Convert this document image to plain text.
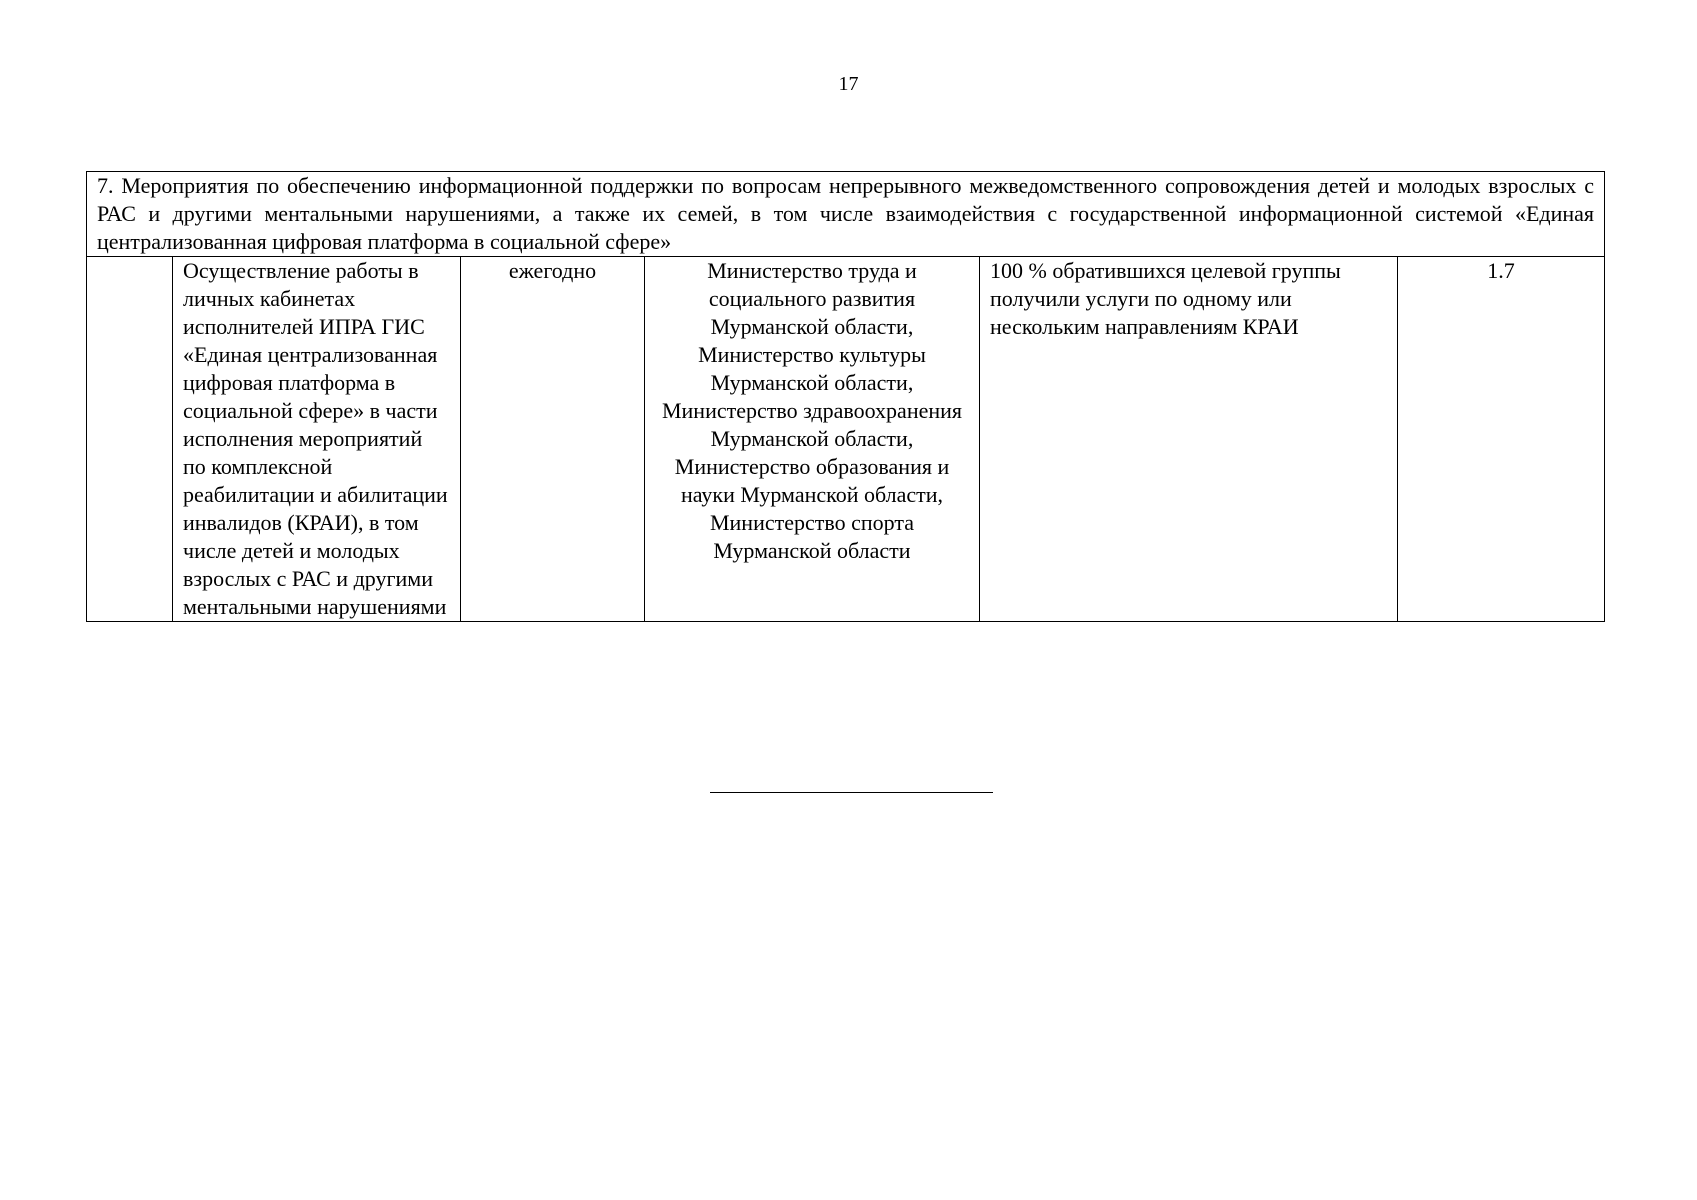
17
7. Мероприятия по обеспечению информационной поддержки по вопросам непрерывного межведомственного сопровождения детей и молодых взрослых с РАС и другими ментальными нарушениями, а также их семей, в том числе взаимодействия с государственной информационной системой «Единая централизованная цифровая платформа в социальной сфере»
	Осуществление работы в личных кабинетах исполнителей ИПРА ГИС «Единая централизованная цифровая платформа в социальной сфере» в части исполнения мероприятий по комплексной реабилитации и абилитации инвалидов (КРАИ), в том числе детей и молодых взрослых с РАС и другими ментальными нарушениями	ежегодно	Министерство труда и социального развития Мурманской области, Министерство культуры Мурманской области, Министерство здравоохранения Мурманской области, Министерство образования и науки Мурманской области, Министерство спорта Мурманской области	100 % обратившихся целевой группы получили услуги по одному или нескольким направлениям КРАИ	1.7
